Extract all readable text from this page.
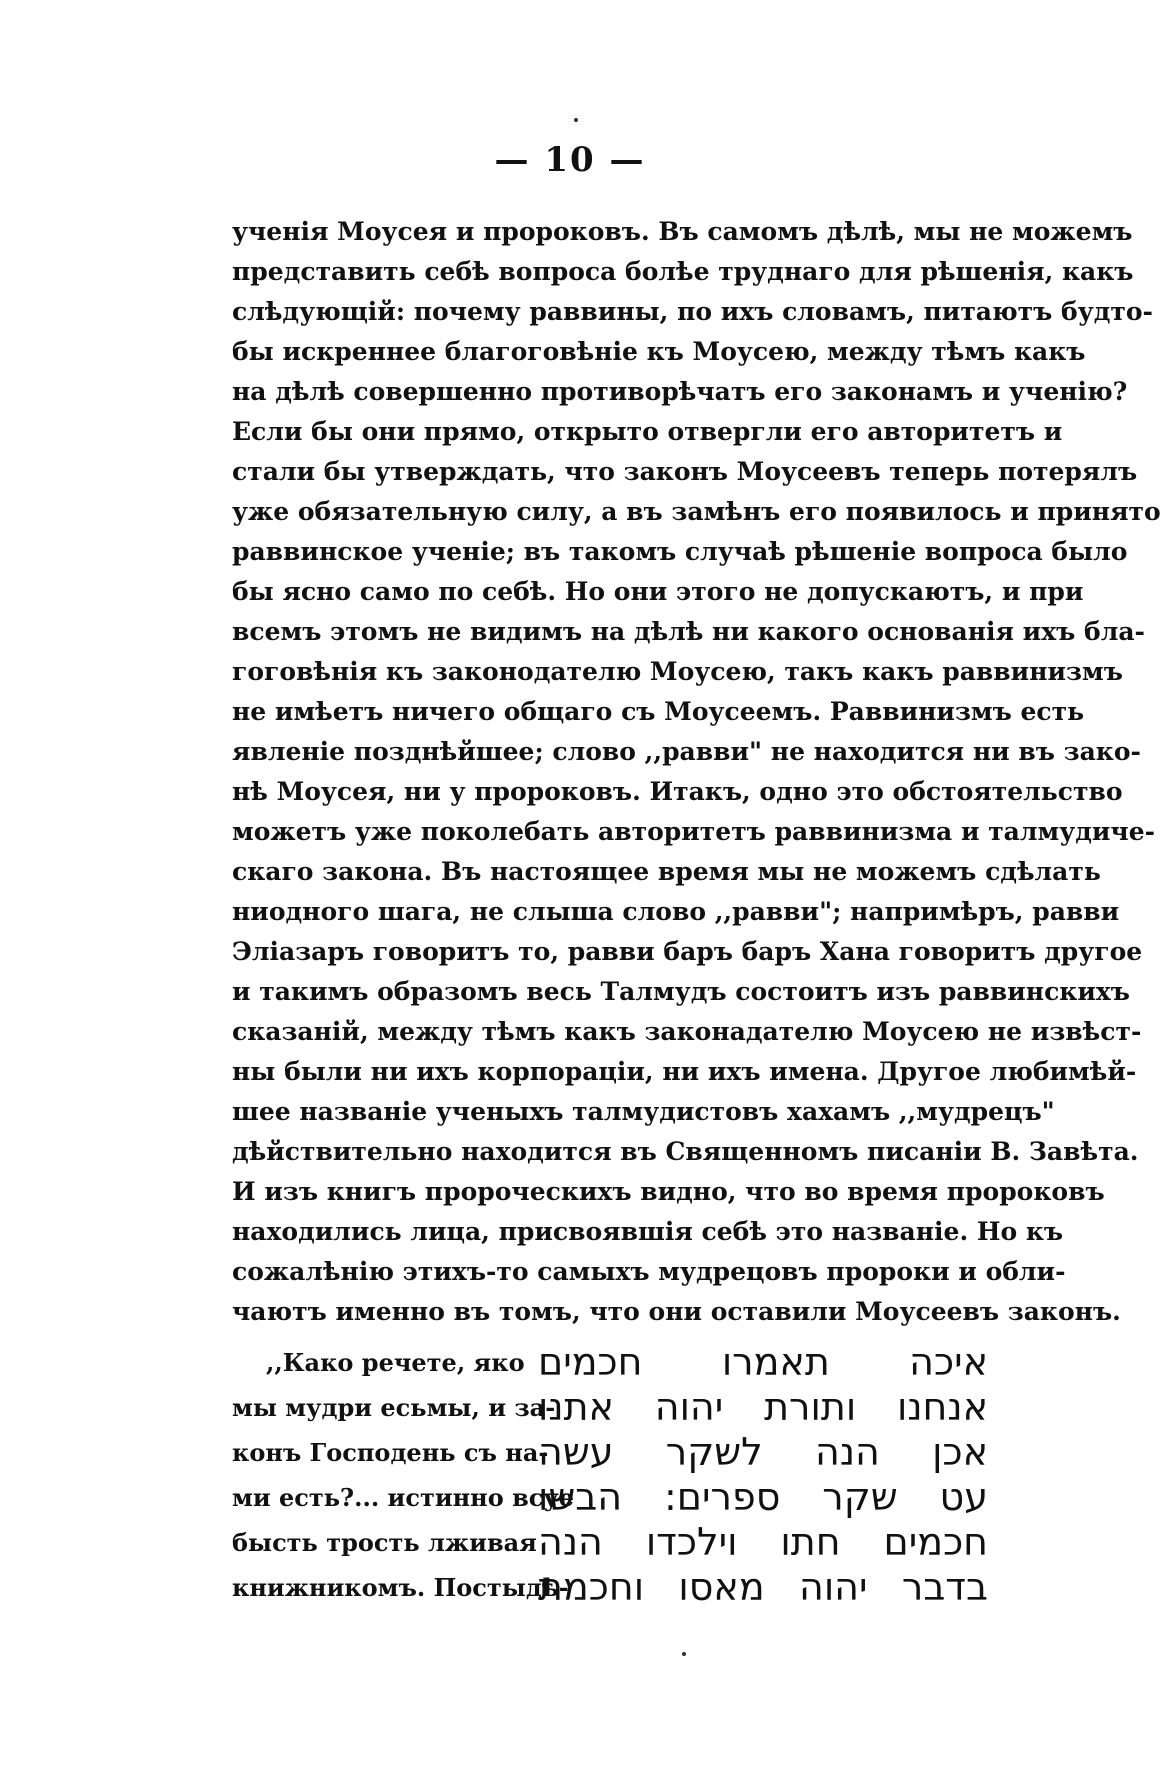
— 10 —
ученія Моусея и пророковъ. Въ самомъ дѣлѣ, мы не можемъ
представить себѣ вопроса болѣе труднаго для рѣшенія, какъ
слѣдующій: почему раввины, по ихъ словамъ, питаютъ будто-
бы искреннее благоговѣніе къ Моусею, между тѣмъ какъ
на дѣлѣ совершенно противорѣчатъ его законамъ и ученію?
Если бы они прямо, открыто отвергли его авторитетъ и
стали бы утверждать, что законъ Моусеевъ теперь потерялъ
уже обязательную силу, а въ замѣнъ его появилось и принято
раввинское ученіе; въ такомъ случаѣ рѣшеніе вопроса было
бы ясно само по себѣ. Но они этого не допускаютъ, и при
всемъ этомъ не видимъ на дѣлѣ ни какого основанія ихъ бла-
гоговѣнія къ законодателю Моусею, такъ какъ раввинизмъ
не имѣетъ ничего общаго съ Моусеемъ. Раввинизмъ есть
явленіе позднѣйшее; слово ,,равви" не находится ни въ зако-
нѣ Моусея, ни у пророковъ. Итакъ, одно это обстоятельство
можетъ уже поколебать авторитетъ раввинизма и талмудиче-
скаго закона. Въ настоящее время мы не можемъ сдѣлать
ниодного шага, не слыша слово ,,равви"; напримѣръ, равви
Эліазаръ говоритъ то, равви баръ баръ Хана говоритъ другое
и такимъ образомъ весь Талмудъ состоитъ изъ раввинскихъ
сказаній, между тѣмъ какъ законадателю Моусею не извѣст-
ны были ни ихъ корпораціи, ни ихъ имена. Другое любимѣй-
шее названіе ученыхъ талмудистовъ хахамъ ,,мудрецъ"
дѣйствительно находится въ Священномъ писаніи В. Завѣта.
И изъ книгъ пророческихъ видно, что во время пророковъ
находились лица, присвоявшія себѣ это названіе. Но къ
сожалѣнію этихъ-то самыхъ мудрецовъ пророки и обли-
чаютъ именно въ томъ, что они оставили Моусеевъ законъ.
,,Како речете, яко
мы мудри есьмы, и за-
конъ Господень съ на-
ми есть?... истинно всуе
бысть трость лживая
книжникомъ. Постыдѣ-
איכה תאמרו חכמים
אנחנו ותורת יהוה אתנו
אכן הנה לשקר עשה
עט שקר ספרים: הבשו
חכמים חתו וילכדו הנה
בדבר יהוה מאסו וחכמת
